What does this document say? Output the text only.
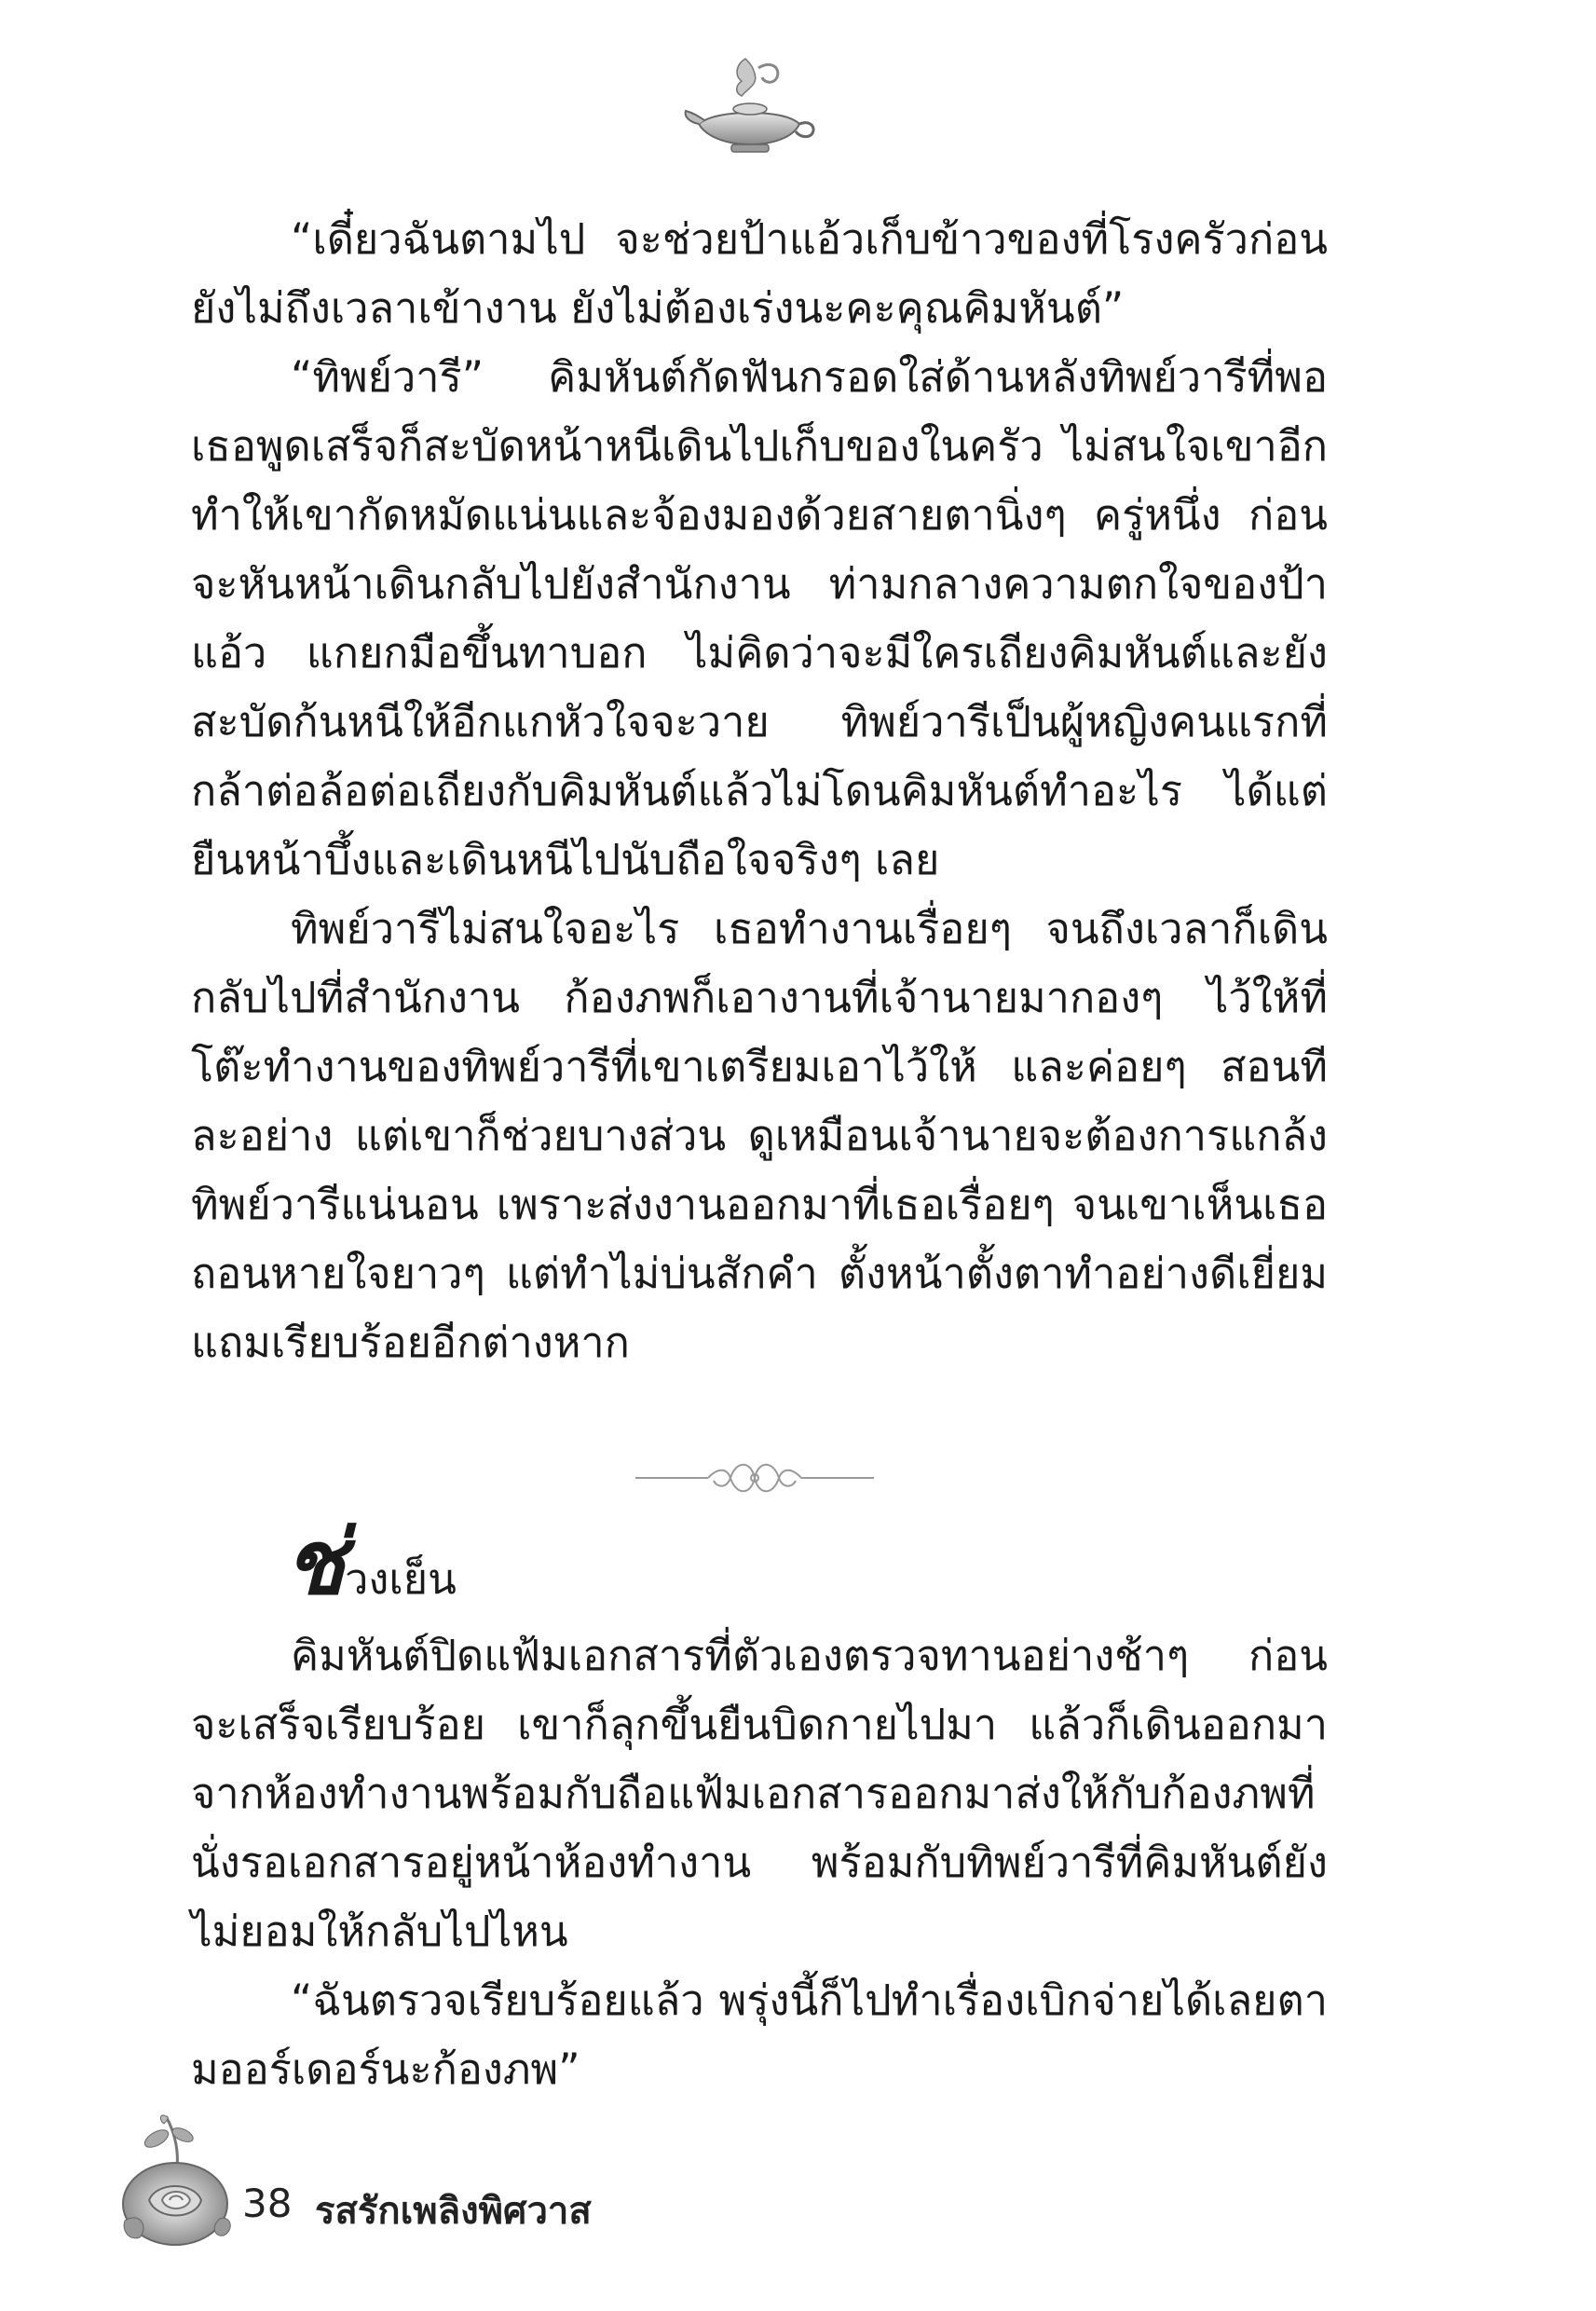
“เดี๋ยวฉันตามไป จะช่วยป้าแอ้วเก็บข้าวของที่โรงครัวก่อน ยังไม่ถึงเวลาเข้างาน ยังไม่ต้องเร่งนะคะคุณคิมหันต์”

“ทิพย์วารี” คิมหันต์กัดฟันกรอดใส่ด้านหลังทิพย์วารีที่พอเธอพูดเสร็จก็สะบัดหน้าหนีเดินไปเก็บของในครัว ไม่สนใจเขาอีก ทำให้เขากัดหมัดแน่นและจ้องมองด้วยสายตานิ่งๆ ครู่หนึ่ง ก่อนจะหันหน้าเดินกลับไปยังสำนักงาน ท่ามกลางความตกใจของป้าแอ้ว แกยกมือขึ้นทาบอก ไม่คิดว่าจะมีใครเถียงคิมหันต์และยังสะบัดก้นหนีให้อีกแกหัวใจจะวาย ทิพย์วารีเป็นผู้หญิงคนแรกที่กล้าต่อล้อต่อเถียงกับคิมหันต์แล้วไม่โดนคิมหันต์ทำอะไร ได้แต่ยืนหน้าบึ้งและเดินหนีไปนับถือใจจริงๆ เลย

ทิพย์วารีไม่สนใจอะไร เธอทำงานเรื่อยๆ จนถึงเวลาก็เดินกลับไปที่สำนักงาน ก้องภพก็เอางานที่เจ้านายมากองๆ ไว้ให้ที่โต๊ะทำงานของทิพย์วารีที่เขาเตรียมเอาไว้ให้ และค่อยๆ สอนทีละอย่าง แต่เขาก็ช่วยบางส่วน ดูเหมือนเจ้านายจะต้องการแกล้งทิพย์วารีแน่นอน เพราะส่งงานออกมาที่เธอเรื่อยๆ จนเขาเห็นเธอถอนหายใจยาวๆ แต่ทำไม่บ่นสักคำ ตั้งหน้าตั้งตาทำอย่างดีเยี่ยม แถมเรียบร้อยอีกต่างหาก

ช่วงเย็น

คิมหันต์ปิดแฟ้มเอกสารที่ตัวเองตรวจทานอย่างช้าๆ ก่อนจะเสร็จเรียบร้อย เขาก็ลุกขึ้นยืนบิดกายไปมา แล้วก็เดินออกมาจากห้องทำงานพร้อมกับถือแฟ้มเอกสารออกมาส่งให้กับก้องภพที่นั่งรอเอกสารอยู่หน้าห้องทำงาน พร้อมกับทิพย์วารีที่คิมหันต์ยังไม่ยอมให้กลับไปไหน

“ฉันตรวจเรียบร้อยแล้ว พรุ่งนี้ก็ไปทำเรื่องเบิกจ่ายได้เลยตามออร์เดอร์นะก้องภพ”

38 รสรักเพลิงพิศวาส
